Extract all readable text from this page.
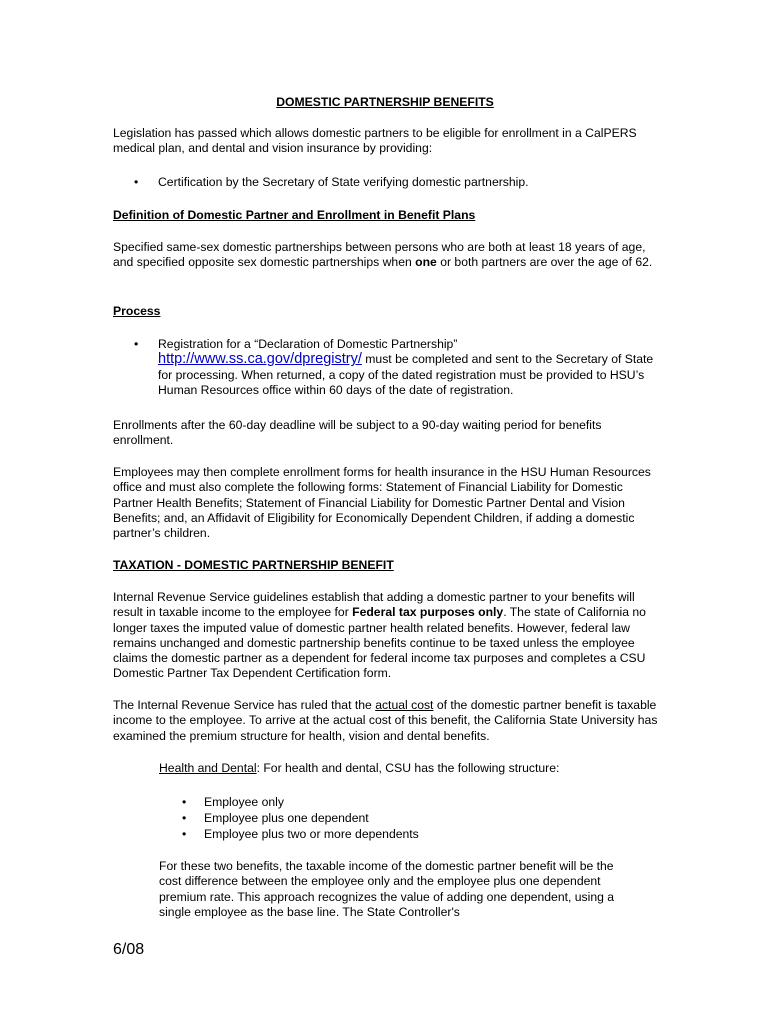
DOMESTIC PARTNERSHIP BENEFITS

Legislation has passed which allows domestic partners to be eligible for enrollment in a CalPERS medical plan, and dental and vision insurance by providing:

• Certification by the Secretary of State verifying domestic partnership.
Definition of Domestic Partner and Enrollment in Benefit Plans

Specified same-sex domestic partnerships between persons who are both at least 18 years of age, and specified opposite sex domestic partnerships when one or both partners are over the age of 62.

Process
• Registration for a “Declaration of Domestic Partnership”
http://www.ss.ca.gov/dpregistry/ must be completed and sent to the Secretary of State for processing. When returned, a copy of the dated registration must be provided to HSU’s Human Resources office within 60 days of the date of registration.

Enrollments after the 60-day deadline will be subject to a 90-day waiting period for benefits enrollment.

Employees may then complete enrollment forms for health insurance in the HSU Human Resources office and must also complete the following forms: Statement of Financial Liability for Domestic Partner Health Benefits; Statement of Financial Liability for Domestic Partner Dental and Vision Benefits; and, an Affidavit of Eligibility for Economically Dependent Children, if adding a domestic partner’s children.

TAXATION - DOMESTIC PARTNERSHIP BENEFIT

Internal Revenue Service guidelines establish that adding a domestic partner to your benefits will result in taxable income to the employee for Federal tax purposes only. The state of California no longer taxes the imputed value of domestic partner health related benefits. However, federal law remains unchanged and domestic partnership benefits continue to be taxed unless the employee claims the domestic partner as a dependent for federal income tax purposes and completes a CSU Domestic Partner Tax Dependent Certification form.

The Internal Revenue Service has ruled that the actual cost of the domestic partner benefit is taxable income to the employee. To arrive at the actual cost of this benefit, the California State University has examined the premium structure for health, vision and dental benefits.

Health and Dental: For health and dental, CSU has the following structure:

• Employee only
• Employee plus one dependent
• Employee plus two or more dependents

For these two benefits, the taxable income of the domestic partner benefit will be the cost difference between the employee only and the employee plus one dependent premium rate. This approach recognizes the value of adding one dependent, using a single employee as the base line. The State Controller's

6/08
